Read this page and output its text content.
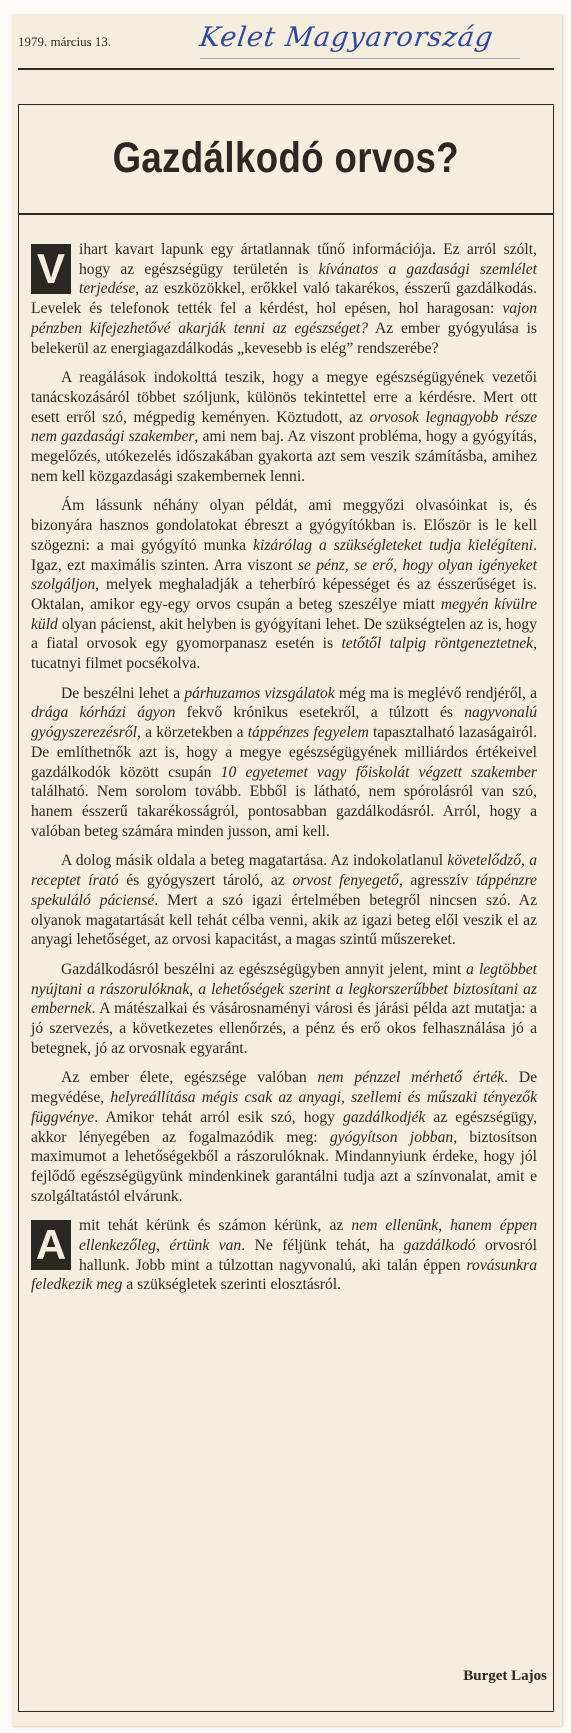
1979. március 13.	Kelet Magyarország
Gazdálkodó orvos?

V ihart kavart lapunk egy ártatlannak tűnő információja. Ez arról szólt, hogy az egészségügy területén is kívánatos a gazdasági szemlélet terjedése, az eszközökkel, erőkkel való takarékos, ésszerű gazdálkodás. Levelek és telefonok tették fel a kérdést, hol epésen, hol haragosan: vajon pénzben kifejezhetővé akarják tenni az egészséget? Az ember gyógyulása is belekerül az energiagazdálkodás „kevesebb is elég” rendszerébe?

A reagálások indokolttá teszik, hogy a megye egészségügyének vezetői tanácskozásáról többet szóljunk, különös tekintettel erre a kérdésre. Mert ott esett erről szó, mégpedig keményen. Köztudott, az orvosok legnagyobb része nem gazdasági szakember, ami nem baj. Az viszont probléma, hogy a gyógyítás, megelőzés, utókezelés időszakában gyakorta azt sem veszik számításba, amihez nem kell közgazdasági szakembernek lenni.

Ám lássunk néhány olyan példát, ami meggyőzi olvasóinkat is, és bizonyára hasznos gondolatokat ébreszt a gyógyítókban is. Először is le kell szögezni: a mai gyógyító munka kizárólag a szükségleteket tudja kielégíteni. Igaz, ezt maximális szinten. Arra viszont se pénz, se erő, hogy olyan igényeket szolgáljon, melyek meghaladják a teherbíró képességet és az ésszerűséget is. Oktalan, amikor egy-egy orvos csupán a beteg szeszélye miatt megyén kívülre küld olyan pácienst, akit helyben is gyógyítani lehet. De szükségtelen az is, hogy a fiatal orvosok egy gyomorpanasz esetén is tetőtől talpig röntgeneztetnek, tucatnyi filmet pocsékolva.

De beszélni lehet a párhuzamos vizsgálatok még ma is meglévő rendjéről, a drága kórházi ágyon fekvő krónikus esetekről, a túlzott és nagyvonalú gyógyszerezésről, a körzetekben a táppénzes fegyelem tapasztalható lazaságairól. De említhetnők azt is, hogy a megye egészségügyének milliárdos értékeivel gazdálkodók között csupán 10 egyetemet vagy főiskolát végzett szakember található. Nem sorolom tovább. Ebből is látható, nem spórolásról van szó, hanem ésszerű takarékosságról, pontosabban gazdálkodásról. Arról, hogy a valóban beteg számára minden jusson, ami kell.

A dolog másik oldala a beteg magatartása. Az indokolatlanul követelődző, a receptet írató és gyógyszert tároló, az orvost fenyegető, agresszív táppénzre spekuláló páciensé. Mert a szó igazi értelmében betegről nincsen szó. Az olyanok magatartását kell tehát célba venni, akik az igazi beteg elől veszik el az anyagi lehetőséget, az orvosi kapacitást, a magas szintű műszereket.

Gazdálkodásról beszélni az egészségügyben annyit jelent, mint a legtöbbet nyújtani a rászorulóknak, a lehetőségek szerint a legkorszerűbbet biztosítani az embernek. A mátészalkai és vásárosnaményi városi és járási példa azt mutatja: a jó szervezés, a következetes ellenőrzés, a pénz és erő okos felhasználása jó a betegnek, jó az orvosnak egyaránt.

Az ember élete, egészsége valóban nem pénzzel mérhető érték. De megvédése, helyreállítása mégis csak az anyagi, szellemi és műszaki tényezők függvénye. Amikor tehát arról esik szó, hogy gazdálkodjék az egészségügy, akkor lényegében az fogalmazódik meg: gyógyítson jobban, biztosítson maximumot a lehetőségekből a rászorulóknak. Mindannyiunk érdeke, hogy jól fejlődő egészségügyünk mindenkinek garantálni tudja azt a színvonalat, amit e szolgáltatástól elvárunk.

A mit tehát kérünk és számon kérünk, az nem ellenünk, hanem éppen ellenkezőleg, értünk van. Ne féljünk tehát, ha gazdálkodó orvosról hallunk. Jobb mint a túlzottan nagyvonalú, aki talán éppen rovásunkra feledkezik meg a szükségletek szerinti elosztásról.

Burget Lajos
